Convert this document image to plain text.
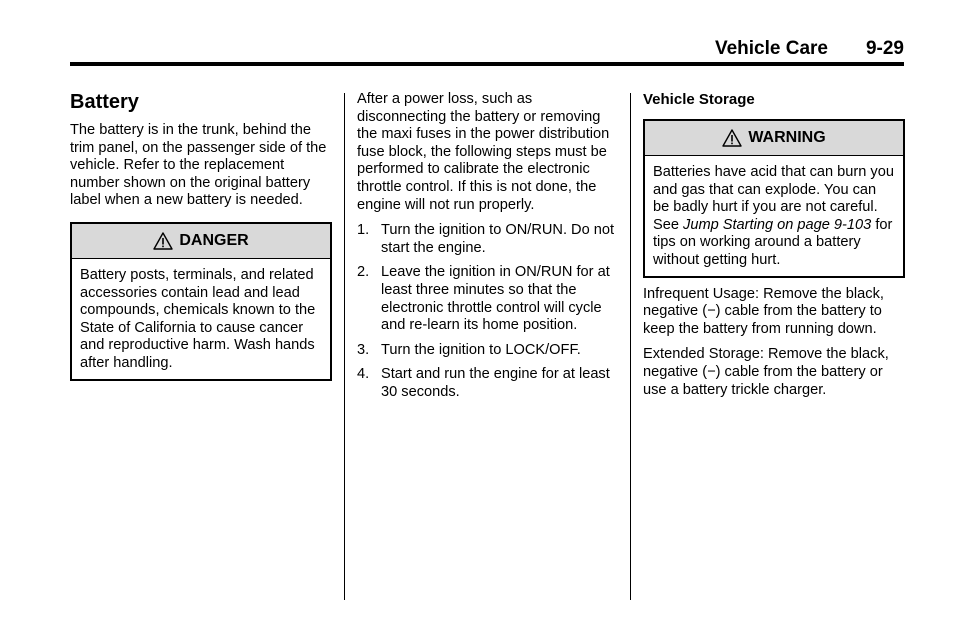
Vehicle Care 9-29
Battery

The battery is in the trunk, behind the trim panel, on the passenger side of the vehicle. Refer to the replacement number shown on the original battery label when a new battery is needed.

DANGER
Battery posts, terminals, and related accessories contain lead and lead compounds, chemicals known to the State of California to cause cancer and reproductive harm. Wash hands after handling.

After a power loss, such as disconnecting the battery or removing the maxi fuses in the power distribution fuse block, the following steps must be performed to calibrate the electronic throttle control. If this is not done, the engine will not run properly.

1. Turn the ignition to ON/RUN. Do not start the engine.
2. Leave the ignition in ON/RUN for at least three minutes so that the electronic throttle control will cycle and re-learn its home position.
3. Turn the ignition to LOCK/OFF.
4. Start and run the engine for at least 30 seconds.
Vehicle Storage
WARNING
Batteries have acid that can burn you and gas that can explode. You can be badly hurt if you are not careful. See Jump Starting on page 9-103 for tips on working around a battery without getting hurt.

Infrequent Usage: Remove the black, negative (−) cable from the battery to keep the battery from running down.

Extended Storage: Remove the black, negative (−) cable from the battery or use a battery trickle charger.
